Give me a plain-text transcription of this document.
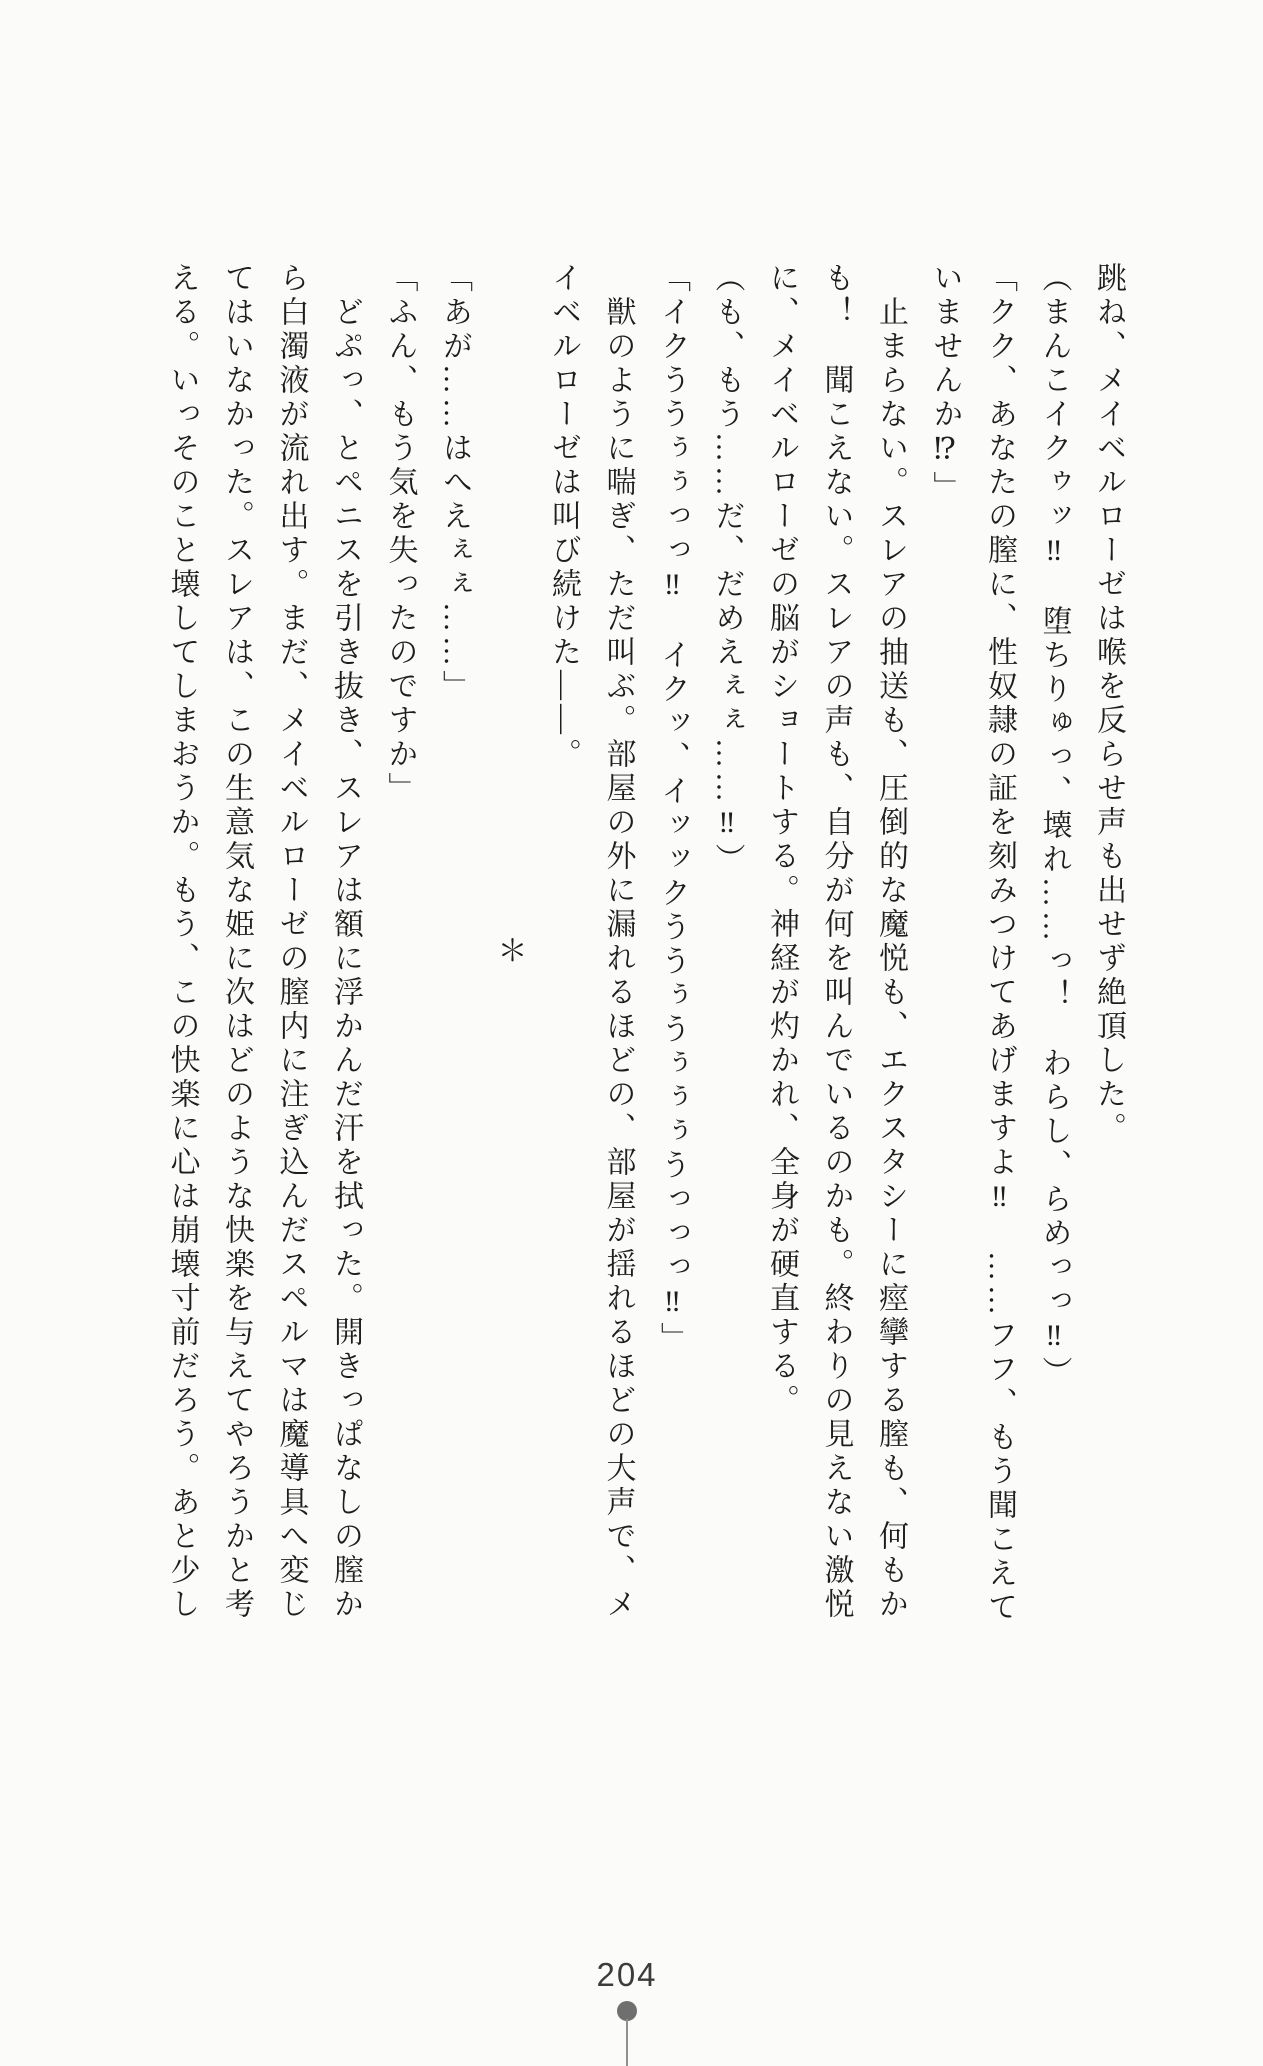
跳ね、メイベルローゼは喉を反らせ声も出せず絶頂した。

（まんこイクゥッ‼　堕ちりゅっ、壊れ……っ！　わらし、らめっっ‼）

「クク、あなたの膣に、性奴隷の証を刻みつけてあげますよ‼　……フフ、もう聞こえて

いませんか⁉」

止まらない。スレアの抽送も、圧倒的な魔悦も、エクスタシーに痙攣する膣も、何もか

も！　聞こえない。スレアの声も、自分が何を叫んでいるのかも。終わりの見えない激悦

に、メイベルローゼの脳がショートする。神経が灼かれ、全身が硬直する。

（も、もう……だ、だめえぇぇ……‼）

「イクううぅぅっっ‼　イクッ、イッックううぅうぅぅぅうっっっ‼」

獣のように喘ぎ、ただ叫ぶ。部屋の外に漏れるほどの、部屋が揺れるほどの大声で、メ

イベルローゼは叫び続けた――。

＊

「あが……はへえぇぇ……」

「ふん、もう気を失ったのですか」

どぷっ、とペニスを引き抜き、スレアは額に浮かんだ汗を拭った。開きっぱなしの膣か

ら白濁液が流れ出す。まだ、メイベルローゼの膣内に注ぎ込んだスペルマは魔導具へ変じ

てはいなかった。スレアは、この生意気な姫に次はどのような快楽を与えてやろうかと考

える。いっそのこと壊してしまおうか。もう、この快楽に心は崩壊寸前だろう。あと少し

204
